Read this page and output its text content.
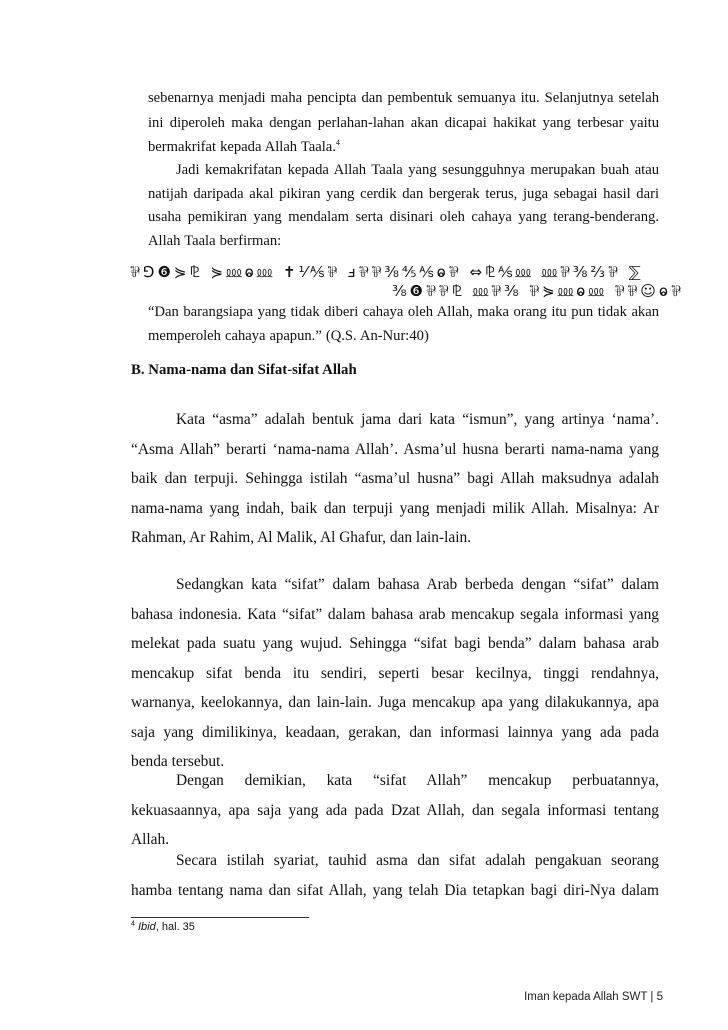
sebenarnya menjadi maha pencipta dan pembentuk semuanya itu. Selanjutnya setelah
ini diperoleh maka dengan perlahan-lahan akan dicapai hakikat yang terbesar yaitu
bermakrifat kepada Allah Taala.$^4$

Jadi kemakrifatan kepada Allah Taala yang sesungguhnya merupakan buah atau
natijah daripada akal pikiran yang cerdik dan bergerak terus, juga sebagai hasil dari
usaha pemikiran yang mendalam serta disinari oleh cahaya yang terang-benderang.
Allah Taala berfirman:

⅌⅁❻⋟⅊ ⋟⅏ⱺ⅏ ✝⅟⅍⅌ ⅎ⅌⅌⅜⅘⅍ⱺ⅌ ⇔⅊⅍⅏ ⅏⅌⅜⅔⅌ ⅀
⅜❻⅌⅌⅊ ⅏⅌⅜ ⅌⋟⅏ⱺ⅏ ⅌⅌☺ⱺ⅌

“Dan barangsiapa yang tidak diberi cahaya oleh Allah, maka orang itu pun tidak akan
memperoleh cahaya apapun.” (Q.S. An-Nur:40)

B. Nama-nama dan Sifat-sifat Allah

Kata “asma” adalah bentuk jama dari kata “ismun”, yang artinya ‘nama’.
“Asma Allah” berarti ‘nama-nama Allah’. Asma’ul husna berarti nama-nama yang
baik dan terpuji. Sehingga istilah “asma’ul husna” bagi Allah maksudnya adalah
nama-nama yang indah, baik dan terpuji yang menjadi milik Allah. Misalnya: Ar
Rahman, Ar Rahim, Al Malik, Al Ghafur, dan lain-lain.

Sedangkan kata “sifat” dalam bahasa Arab berbeda dengan “sifat” dalam
bahasa indonesia. Kata “sifat” dalam bahasa arab mencakup segala informasi yang
melekat pada suatu yang wujud. Sehingga “sifat bagi benda” dalam bahasa arab
mencakup sifat benda itu sendiri, seperti besar kecilnya, tinggi rendahnya,
warnanya, keelokannya, dan lain-lain. Juga mencakup apa yang dilakukannya, apa
saja yang dimilikinya, keadaan, gerakan, dan informasi lainnya yang ada pada
benda tersebut.

Dengan demikian, kata “sifat Allah” mencakup perbuatannya,
kekuasaannya, apa saja yang ada pada Dzat Allah, dan segala informasi tentang
Allah.

Secara istilah syariat, tauhid asma dan sifat adalah pengakuan seorang
hamba tentang nama dan sifat Allah, yang telah Dia tetapkan bagi diri-Nya dalam

$^4$ Ibid, hal. 35

Iman kepada Allah SWT | 5
